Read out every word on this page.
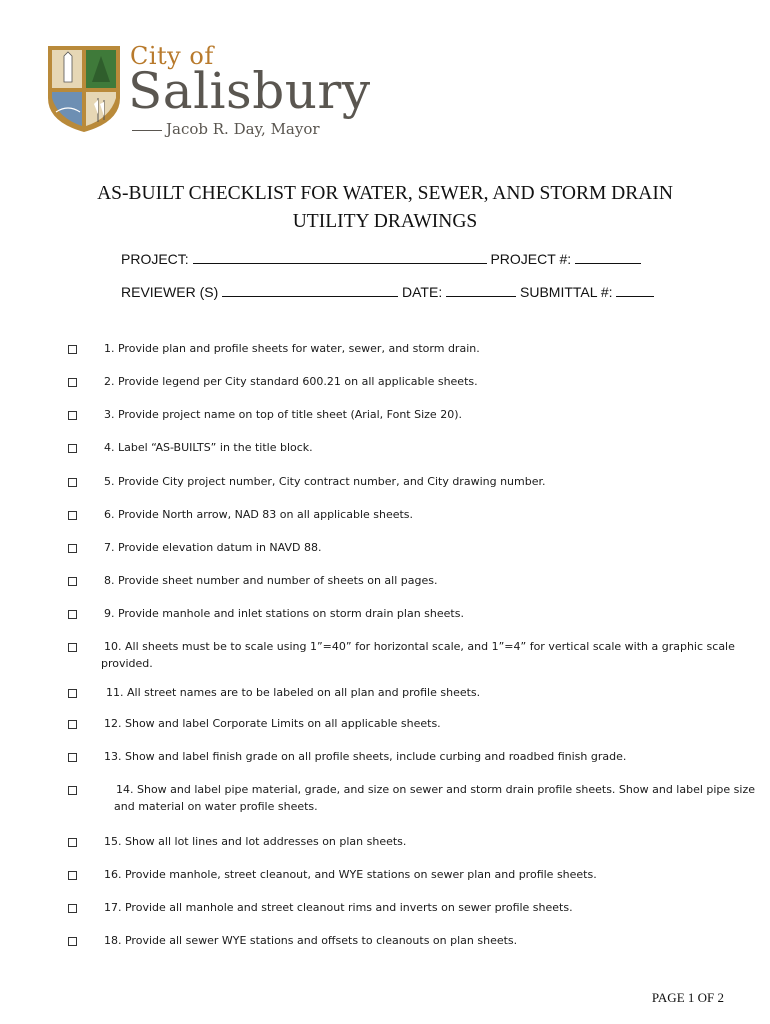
City of
Salisbury
Jacob R. Day, Mayor
AS-BUILT CHECKLIST FOR WATER, SEWER, AND STORM DRAIN
UTILITY DRAWINGS
PROJECT:	PROJECT #:
REVIEWER (S)	DATE:	SUBMITTAL #:
1. Provide plan and profile sheets for water, sewer, and storm drain.
2. Provide legend per City standard 600.21 on all applicable sheets.
3. Provide project name on top of title sheet (Arial, Font Size 20).
4. Label “AS-BUILTS” in the title block.
5. Provide City project number, City contract number, and City drawing number.
6. Provide North arrow, NAD 83 on all applicable sheets.
7. Provide elevation datum in NAVD 88.
8. Provide sheet number and number of sheets on all pages.
9. Provide manhole and inlet stations on storm drain plan sheets.
10. All sheets must be to scale using 1”=40” for horizontal scale, and 1”=4” for vertical scale with a graphic scale
provided.
11. All street names are to be labeled on all plan and profile sheets.
12. Show and label Corporate Limits on all applicable sheets.
13. Show and label finish grade on all profile sheets, include curbing and roadbed finish grade.
14. Show and label pipe material, grade, and size on sewer and storm drain profile sheets. Show and label pipe size
and material on water profile sheets.
15. Show all lot lines and lot addresses on plan sheets.
16. Provide manhole, street cleanout, and WYE stations on sewer plan and profile sheets.
17. Provide all manhole and street cleanout rims and inverts on sewer profile sheets.
18. Provide all sewer WYE stations and offsets to cleanouts on plan sheets.
PAGE 1 OF 2
